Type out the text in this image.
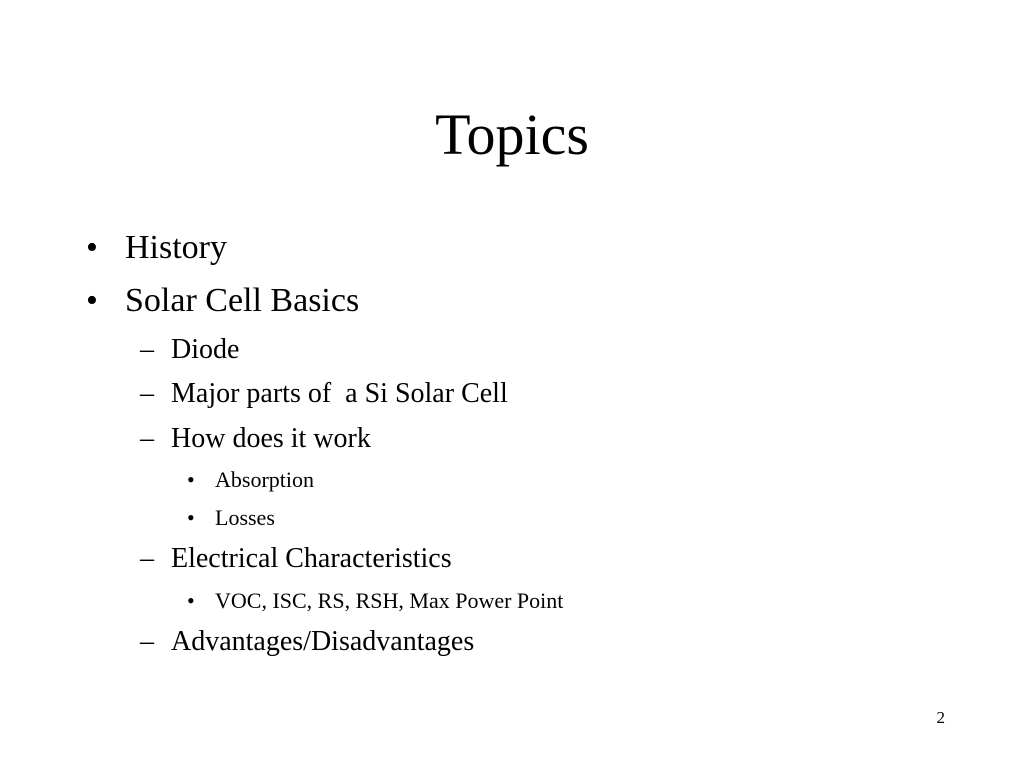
Topics
• History
• Solar Cell Basics
– Diode
– Major parts of  a Si Solar Cell
– How does it work
• Absorption
• Losses
– Electrical Characteristics
• VOC, ISC, RS, RSH, Max Power Point
– Advantages/Disadvantages
2
